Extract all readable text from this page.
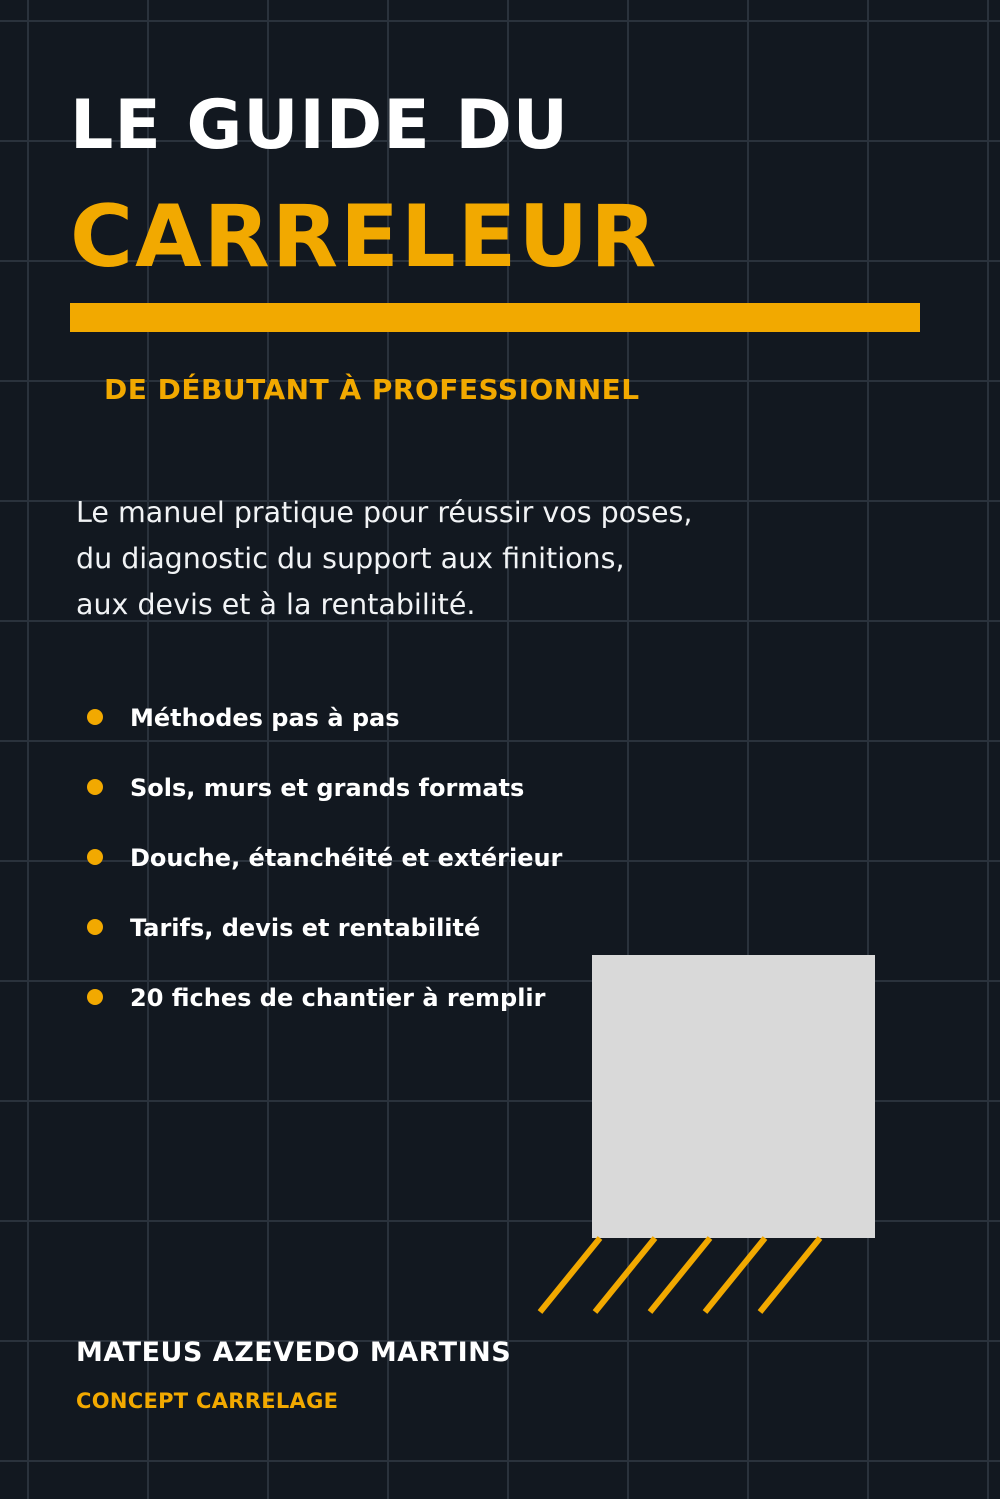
LE GUIDE DU
CARRELEUR
DE DÉBUTANT À PROFESSIONNEL
Le manuel pratique pour réussir vos poses,
du diagnostic du support aux finitions,
aux devis et à la rentabilité.
Méthodes pas à pas
Sols, murs et grands formats
Douche, étanchéité et extérieur
Tarifs, devis et rentabilité
20 fiches de chantier à remplir
MATEUS AZEVEDO MARTINS
CONCEPT CARRELAGE
